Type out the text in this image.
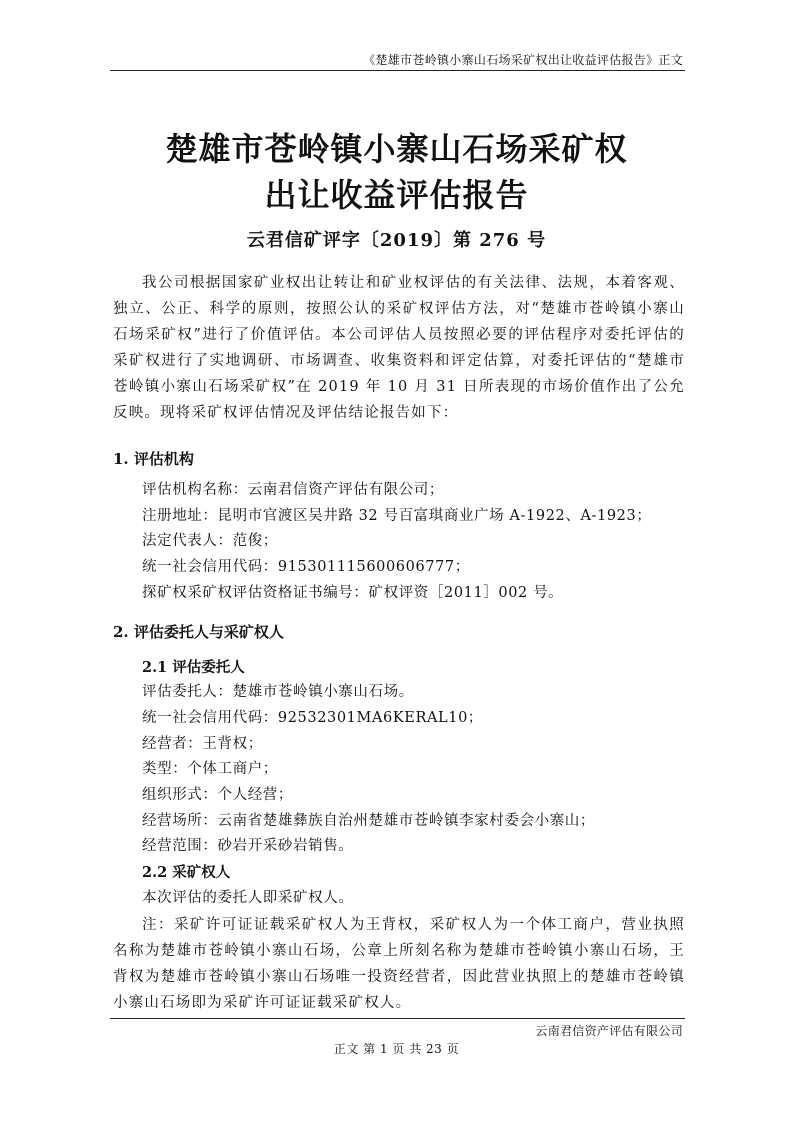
《楚雄市苍岭镇小寨山石场采矿权出让收益评估报告》正文
楚雄市苍岭镇小寨山石场采矿权
出让收益评估报告
云君信矿评字〔2019〕第 276 号

我公司根据国家矿业权出让转让和矿业权评估的有关法律、法规，本着客观、独立、公正、科学的原则，按照公认的采矿权评估方法，对“楚雄市苍岭镇小寨山石场采矿权”进行了价值评估。本公司评估人员按照必要的评估程序对委托评估的采矿权进行了实地调研、市场调查、收集资料和评定估算，对委托评估的“楚雄市苍岭镇小寨山石场采矿权”在 2019 年 10 月 31 日所表现的市场价值作出了公允反映。现将采矿权评估情况及评估结论报告如下：

1. 评估机构

评估机构名称：云南君信资产评估有限公司；

注册地址：昆明市官渡区吴井路 32 号百富琪商业广场 A-1922、A-1923；

法定代表人：范俊；

统一社会信用代码：915301115600606777；

探矿权采矿权评估资格证书编号：矿权评资［2011］002 号。

2. 评估委托人与采矿权人

2.1 评估委托人

评估委托人：楚雄市苍岭镇小寨山石场。

统一社会信用代码：92532301MA6KERAL10；

经营者：王背权；

类型：个体工商户；

组织形式：个人经营；

经营场所：云南省楚雄彝族自治州楚雄市苍岭镇李家村委会小寨山；

经营范围：砂岩开采砂岩销售。

2.2 采矿权人

本次评估的委托人即采矿权人。

注：采矿许可证证载采矿权人为王背权，采矿权人为一个体工商户，营业执照名称为楚雄市苍岭镇小寨山石场，公章上所刻名称为楚雄市苍岭镇小寨山石场，王背权为楚雄市苍岭镇小寨山石场唯一投资经营者，因此营业执照上的楚雄市苍岭镇小寨山石场即为采矿许可证证载采矿权人。

云南君信资产评估有限公司
正文 第 1 页 共 23 页
